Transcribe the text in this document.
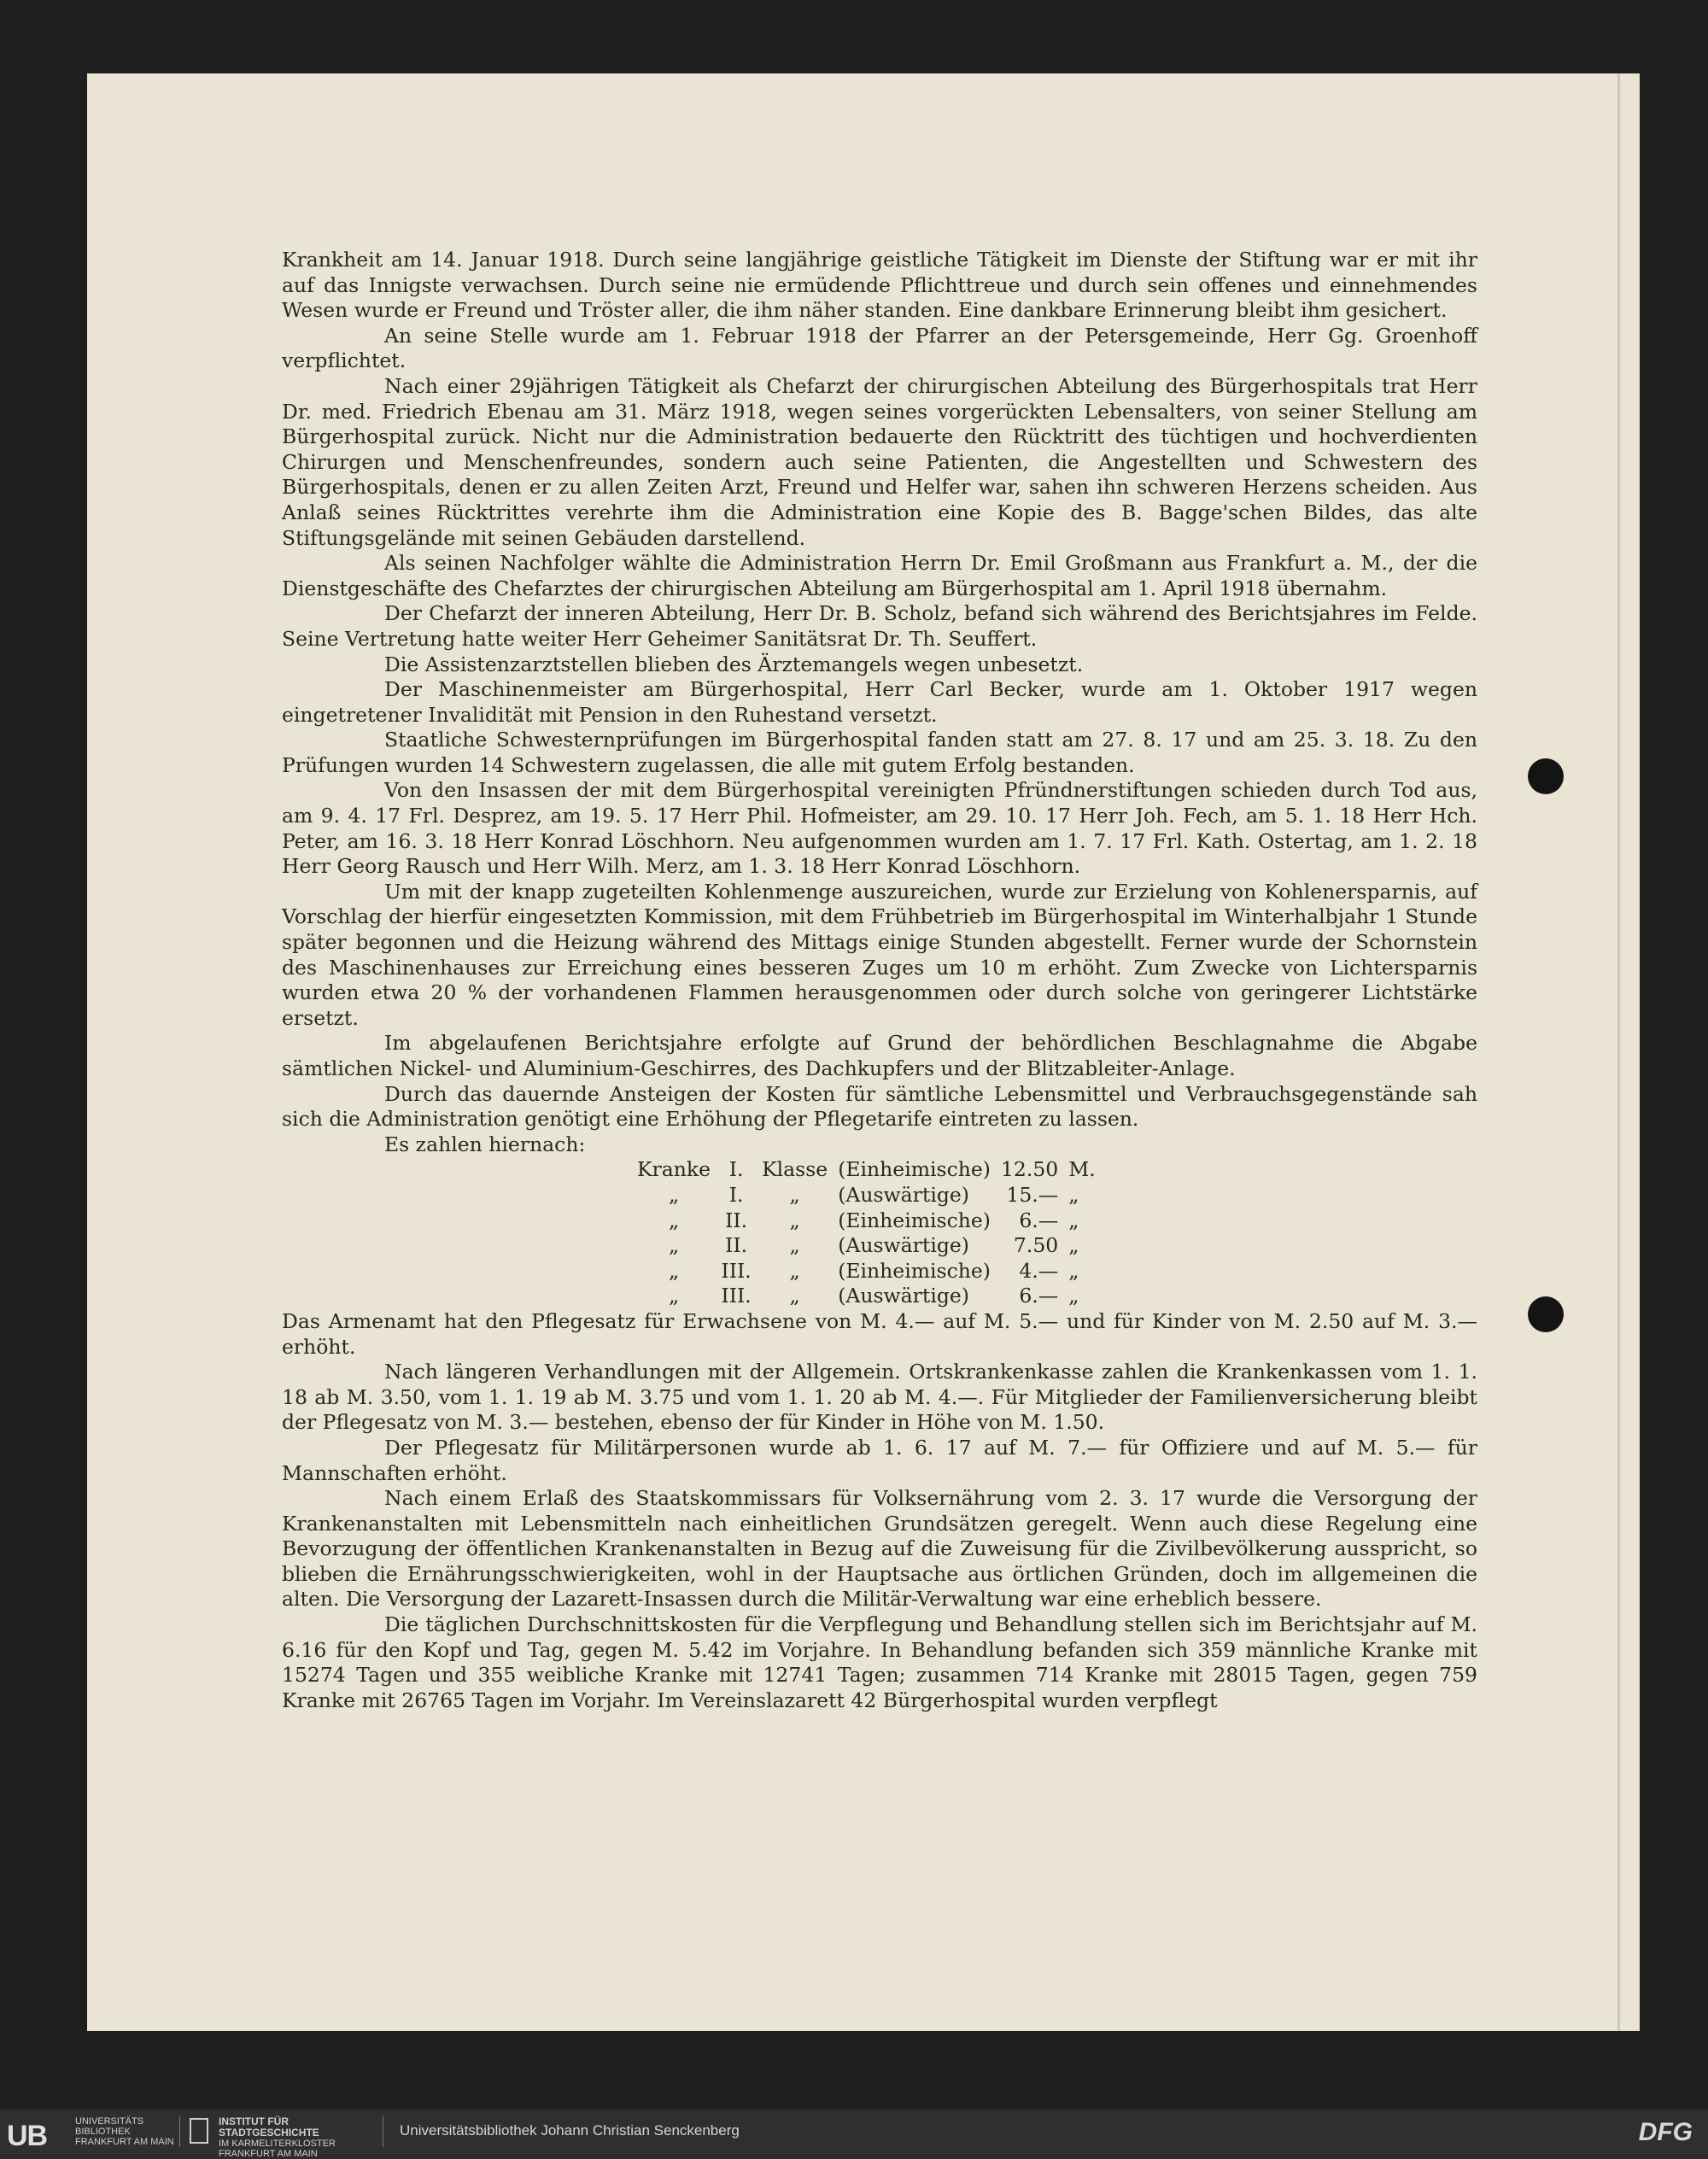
Krankheit am 14. Januar 1918. Durch seine langjährige geistliche Tätigkeit im Dienste der Stiftung war er mit ihr auf das Innigste verwachsen. Durch seine nie ermüdende Pflichttreue und durch sein offenes und einnehmendes Wesen wurde er Freund und Tröster aller, die ihm näher standen. Eine dankbare Erinnerung bleibt ihm gesichert.

An seine Stelle wurde am 1. Februar 1918 der Pfarrer an der Petersgemeinde, Herr Gg. Groenhoff verpflichtet.

Nach einer 29jährigen Tätigkeit als Chefarzt der chirurgischen Abteilung des Bürgerhospitals trat Herr Dr. med. Friedrich Ebenau am 31. März 1918, wegen seines vorgerückten Lebensalters, von seiner Stellung am Bürgerhospital zurück. Nicht nur die Administration bedauerte den Rücktritt des tüchtigen und hochverdienten Chirurgen und Menschenfreundes, sondern auch seine Patienten, die Angestellten und Schwestern des Bürgerhospitals, denen er zu allen Zeiten Arzt, Freund und Helfer war, sahen ihn schweren Herzens scheiden. Aus Anlaß seines Rücktrittes verehrte ihm die Administration eine Kopie des B. Bagge'schen Bildes, das alte Stiftungsgelände mit seinen Gebäuden darstellend.

Als seinen Nachfolger wählte die Administration Herrn Dr. Emil Großmann aus Frankfurt a. M., der die Dienstgeschäfte des Chefarztes der chirurgischen Abteilung am Bürgerhospital am 1. April 1918 übernahm.

Der Chefarzt der inneren Abteilung, Herr Dr. B. Scholz, befand sich während des Berichtsjahres im Felde. Seine Vertretung hatte weiter Herr Geheimer Sanitätsrat Dr. Th. Seuffert.

Die Assistenzarztstellen blieben des Ärztemangels wegen unbesetzt.

Der Maschinenmeister am Bürgerhospital, Herr Carl Becker, wurde am 1. Oktober 1917 wegen eingetretener Invalidität mit Pension in den Ruhestand versetzt.

Staatliche Schwesternprüfungen im Bürgerhospital fanden statt am 27. 8. 17 und am 25. 3. 18. Zu den Prüfungen wurden 14 Schwestern zugelassen, die alle mit gutem Erfolg bestanden.

Von den Insassen der mit dem Bürgerhospital vereinigten Pfründnerstiftungen schieden durch Tod aus, am 9. 4. 17 Frl. Desprez, am 19. 5. 17 Herr Phil. Hofmeister, am 29. 10. 17 Herr Joh. Fech, am 5. 1. 18 Herr Hch. Peter, am 16. 3. 18 Herr Konrad Löschhorn. Neu aufgenommen wurden am 1. 7. 17 Frl. Kath. Ostertag, am 1. 2. 18 Herr Georg Rausch und Herr Wilh. Merz, am 1. 3. 18 Herr Konrad Löschhorn.

Um mit der knapp zugeteilten Kohlenmenge auszureichen, wurde zur Erzielung von Kohlenersparnis, auf Vorschlag der hierfür eingesetzten Kommission, mit dem Frühbetrieb im Bürgerhospital im Winterhalbjahr 1 Stunde später begonnen und die Heizung während des Mittags einige Stunden abgestellt. Ferner wurde der Schornstein des Maschinenhauses zur Erreichung eines besseren Zuges um 10 m erhöht. Zum Zwecke von Lichtersparnis wurden etwa 20 % der vorhandenen Flammen herausgenommen oder durch solche von geringerer Lichtstärke ersetzt.

Im abgelaufenen Berichtsjahre erfolgte auf Grund der behördlichen Beschlagnahme die Abgabe sämtlichen Nickel- und Aluminium-Geschirres, des Dachkupfers und der Blitzableiter-Anlage.

Durch das dauernde Ansteigen der Kosten für sämtliche Lebensmittel und Verbrauchsgegenstände sah sich die Administration genötigt eine Erhöhung der Pflegetarife eintreten zu lassen.

Es zahlen hiernach:

Kranke	I.	Klasse	(Einheimische)	12.50	M.
„	I.	„	(Auswärtige)	15.—	„
„	II.	„	(Einheimische)	6.—	„
„	II.	„	(Auswärtige)	7.50	„
„	III.	„	(Einheimische)	4.—	„
„	III.	„	(Auswärtige)	6.—	„

Das Armenamt hat den Pflegesatz für Erwachsene von M. 4.— auf M. 5.— und für Kinder von M. 2.50 auf M. 3.— erhöht.

Nach längeren Verhandlungen mit der Allgemein. Ortskrankenkasse zahlen die Krankenkassen vom 1. 1. 18 ab M. 3.50, vom 1. 1. 19 ab M. 3.75 und vom 1. 1. 20 ab M. 4.—. Für Mitglieder der Familienversicherung bleibt der Pflegesatz von M. 3.— bestehen, ebenso der für Kinder in Höhe von M. 1.50.

Der Pflegesatz für Militärpersonen wurde ab 1. 6. 17 auf M. 7.— für Offiziere und auf M. 5.— für Mannschaften erhöht.

Nach einem Erlaß des Staatskommissars für Volksernährung vom 2. 3. 17 wurde die Versorgung der Krankenanstalten mit Lebensmitteln nach einheitlichen Grundsätzen geregelt. Wenn auch diese Regelung eine Bevorzugung der öffentlichen Krankenanstalten in Bezug auf die Zuweisung für die Zivilbevölkerung ausspricht, so blieben die Ernährungsschwierigkeiten, wohl in der Hauptsache aus örtlichen Gründen, doch im allgemeinen die alten. Die Versorgung der Lazarett-Insassen durch die Militär-Verwaltung war eine erheblich bessere.

Die täglichen Durchschnittskosten für die Verpflegung und Behandlung stellen sich im Berichtsjahr auf M. 6.16 für den Kopf und Tag, gegen M. 5.42 im Vorjahre. In Behandlung befanden sich 359 männliche Kranke mit 15274 Tagen und 355 weibliche Kranke mit 12741 Tagen; zusammen 714 Kranke mit 28015 Tagen, gegen 759 Kranke mit 26765 Tagen im Vorjahr. Im Vereinslazarett 42 Bürgerhospital wurden verpflegt

UB	UNIVERSITÄTS
BIBLIOTHEK
FRANKFURT AM MAIN
INSTITUT FÜR
STADTGESCHICHTE
IM KARMELITERKLOSTER
FRANKFURT AM MAIN
Universitätsbibliothek Johann Christian Senckenberg	DFG
